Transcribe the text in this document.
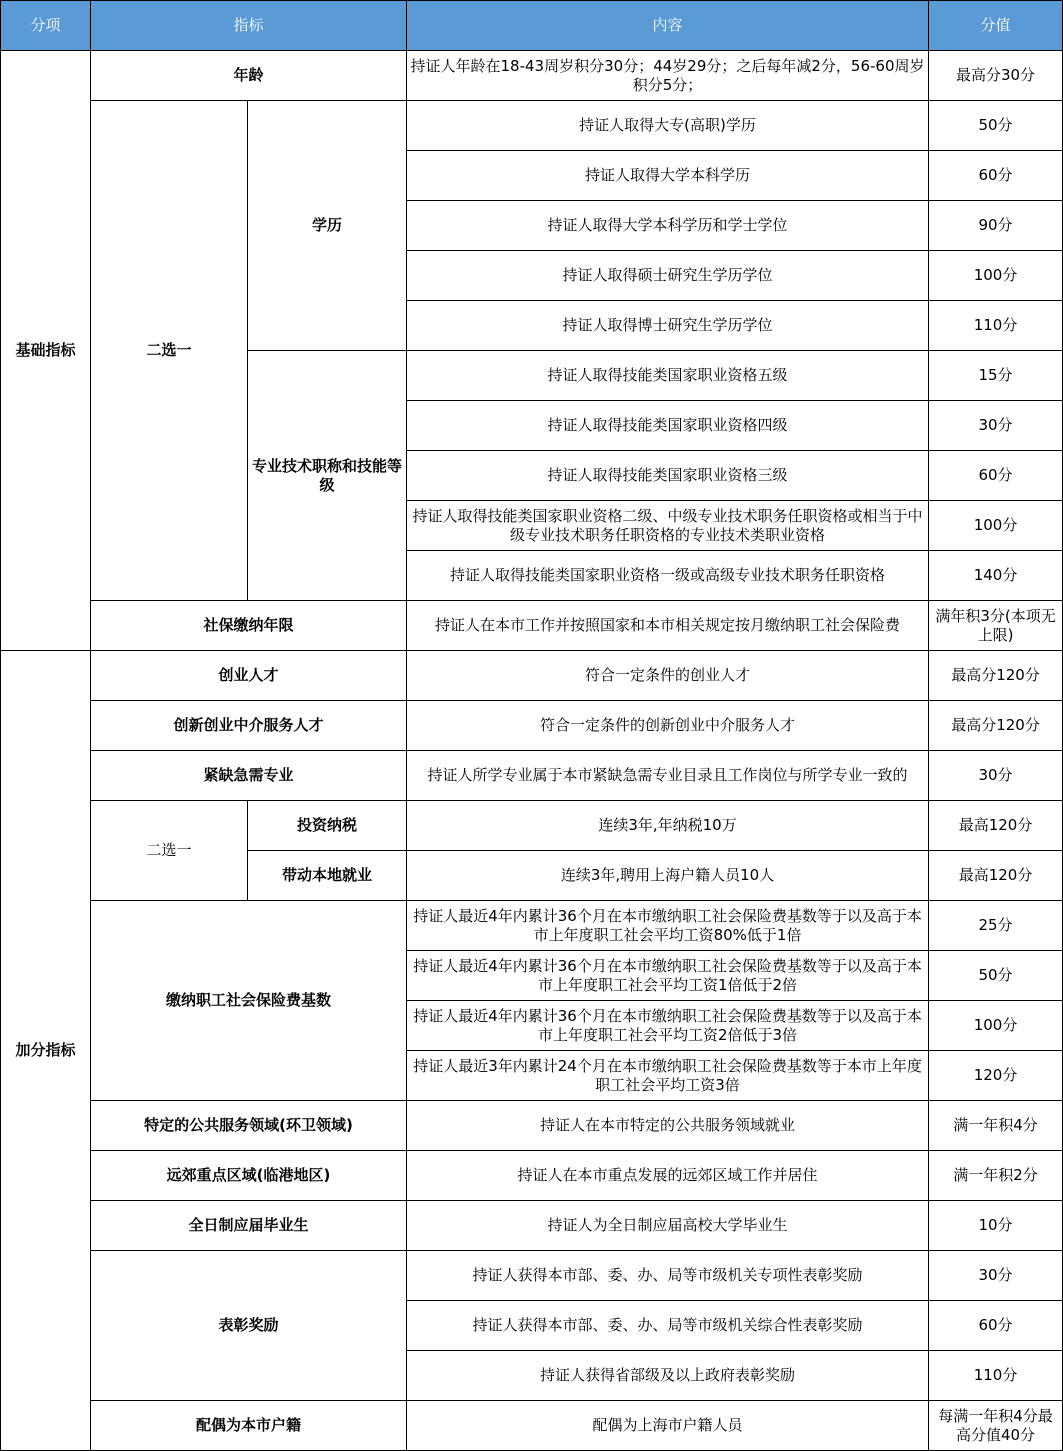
分项	指标		内容	分值
基础指标	年龄		持证人年龄在18-43周岁积分30分；44岁29分；之后每年减2分，56-60周岁积分5分；	最高分30分
	二选一	学历	持证人取得大专(高职)学历	50分
			持证人取得大学本科学历	60分
			持证人取得大学本科学历和学士学位	90分
			持证人取得硕士研究生学历学位	100分
			持证人取得博士研究生学历学位	110分
		专业技术职称和技能等级	持证人取得技能类国家职业资格五级	15分
			持证人取得技能类国家职业资格四级	30分
			持证人取得技能类国家职业资格三级	60分
			持证人取得技能类国家职业资格二级、中级专业技术职务任职资格或相当于中级专业技术职务任职资格的专业技术类职业资格	100分
			持证人取得技能类国家职业资格一级或高级专业技术职务任职资格	140分
	社保缴纳年限		持证人在本市工作并按照国家和本市相关规定按月缴纳职工社会保险费	满年积3分(本项无上限)
加分指标	创业人才		符合一定条件的创业人才	最高分120分
	创新创业中介服务人才		符合一定条件的创新创业中介服务人才	最高分120分
	紧缺急需专业		持证人所学专业属于本市紧缺急需专业目录且工作岗位与所学专业一致的	30分
	二选一	投资纳税	连续3年,年纳税10万	最高120分
		带动本地就业	连续3年,聘用上海户籍人员10人	最高120分
	缴纳职工社会保险费基数		持证人最近4年内累计36个月在本市缴纳职工社会保险费基数等于以及高于本市上年度职工社会平均工资80%低于1倍	25分
			持证人最近4年内累计36个月在本市缴纳职工社会保险费基数等于以及高于本市上年度职工社会平均工资1倍低于2倍	50分
			持证人最近4年内累计36个月在本市缴纳职工社会保险费基数等于以及高于本市上年度职工社会平均工资2倍低于3倍	100分
			持证人最近3年内累计24个月在本市缴纳职工社会保险费基数等于本市上年度职工社会平均工资3倍	120分
	特定的公共服务领域(环卫领域)		持证人在本市特定的公共服务领域就业	满一年积4分
	远郊重点区域(临港地区)		持证人在本市重点发展的远郊区域工作并居住	满一年积2分
	全日制应届毕业生		持证人为全日制应届高校大学毕业生	10分
	表彰奖励		持证人获得本市部、委、办、局等市级机关专项性表彰奖励	30分
			持证人获得本市部、委、办、局等市级机关综合性表彰奖励	60分
			持证人获得省部级及以上政府表彰奖励	110分
	配偶为本市户籍		配偶为上海市户籍人员	每满一年积4分最高分值40分
